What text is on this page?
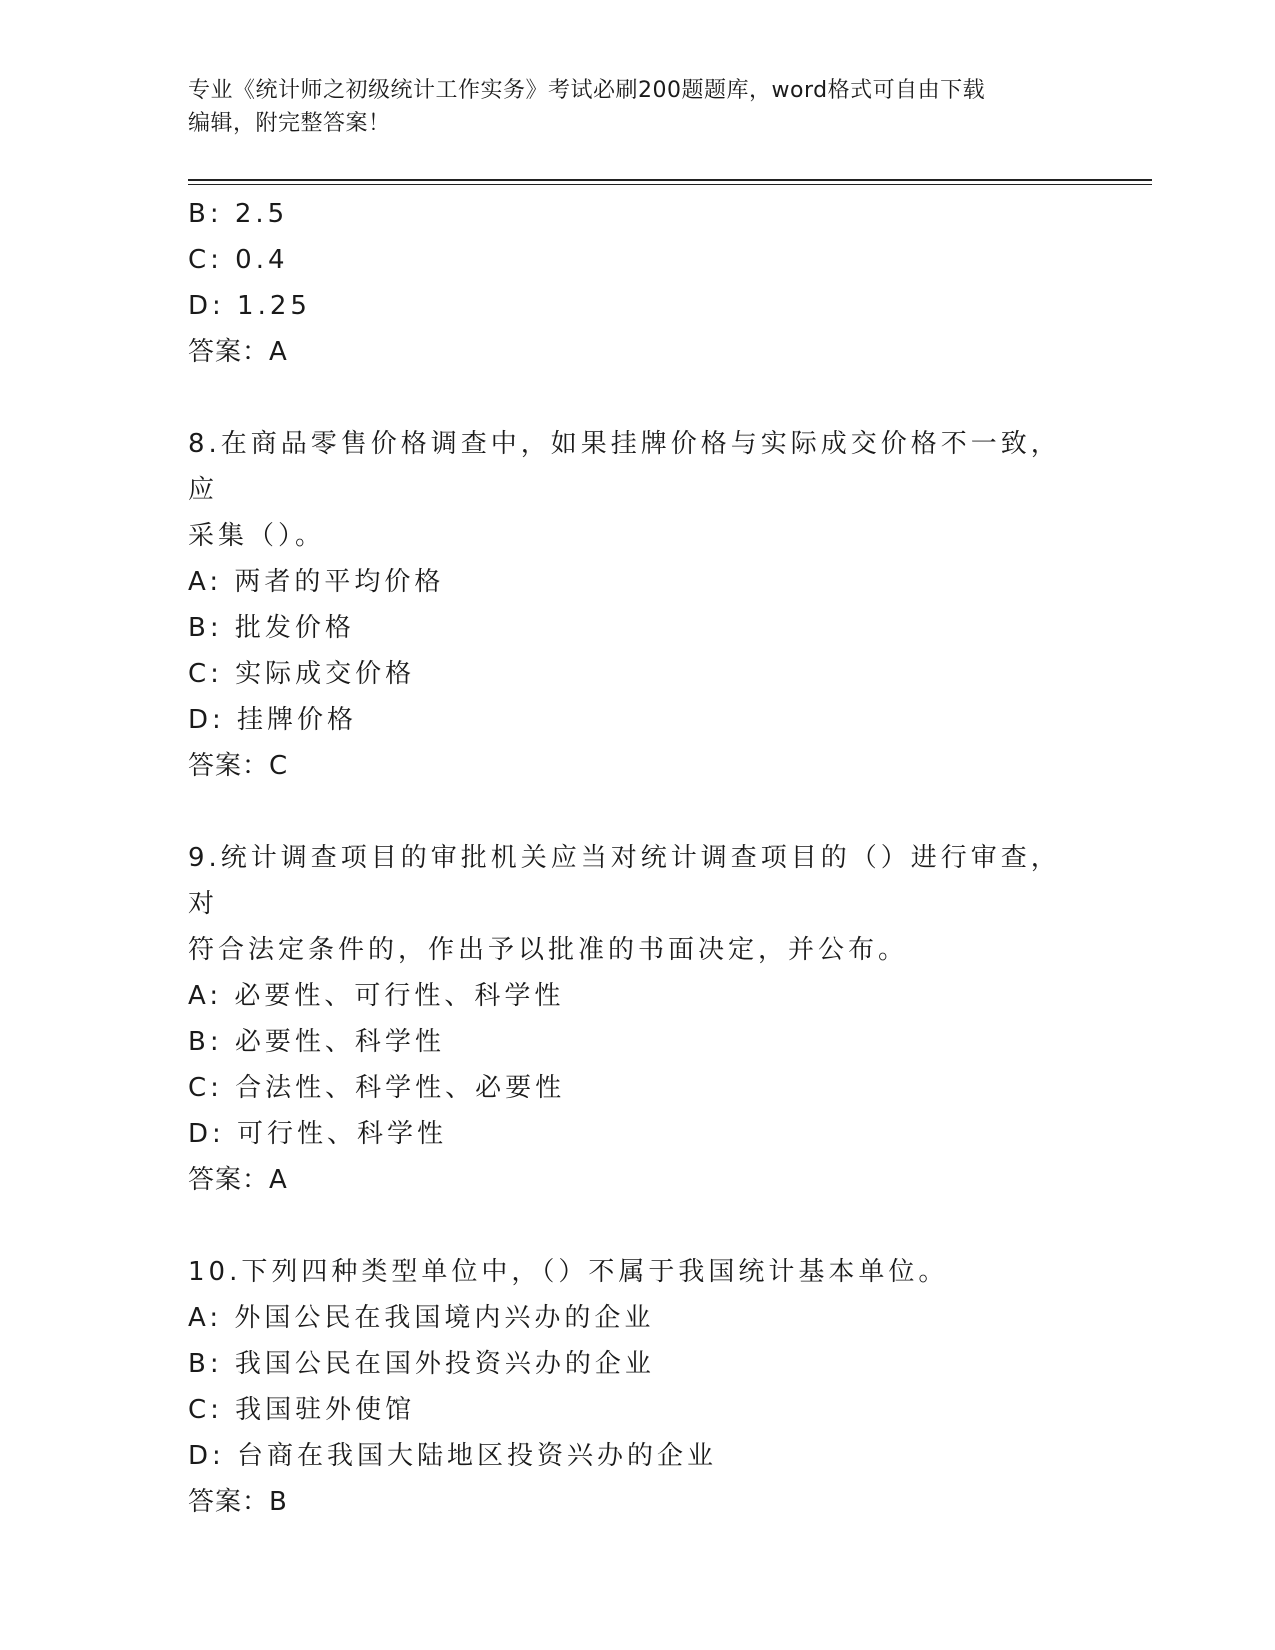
专业《统计师之初级统计工作实务》考试必刷200题题库，word格式可自由下载
编辑，附完整答案！
B: 2.5
C: 0.4
D: 1.25
答案：A
8.在商品零售价格调查中，如果挂牌价格与实际成交价格不一致，应
采集（）。
A: 两者的平均价格
B: 批发价格
C: 实际成交价格
D: 挂牌价格
答案：C
9.统计调查项目的审批机关应当对统计调查项目的（）进行审查，对
符合法定条件的，作出予以批准的书面决定，并公布。
A: 必要性、可行性、科学性
B: 必要性、科学性
C: 合法性、科学性、必要性
D: 可行性、科学性
答案：A
10.下列四种类型单位中，（）不属于我国统计基本单位。
A: 外国公民在我国境内兴办的企业
B: 我国公民在国外投资兴办的企业
C: 我国驻外使馆
D: 台商在我国大陆地区投资兴办的企业
答案：B
